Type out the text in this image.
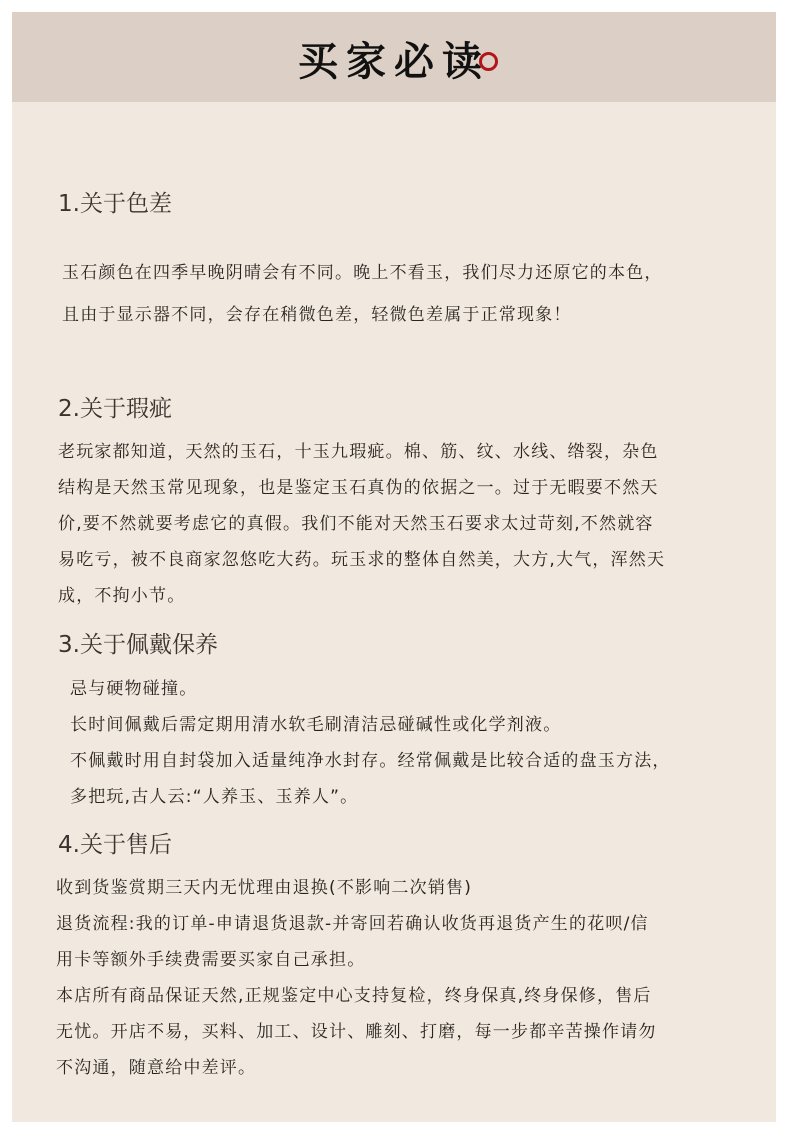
买家必读
1.关于色差
玉石颜色在四季早晚阴晴会有不同。晚上不看玉，我们尽力还原它的本色，
且由于显示器不同，会存在稍微色差，轻微色差属于正常现象！
2.关于瑕疵
老玩家都知道，天然的玉石，十玉九瑕疵。棉、筋、纹、水线、绺裂，杂色
结构是天然玉常见现象，也是鉴定玉石真伪的依据之一。过于无暇要不然天
价,要不然就要考虑它的真假。我们不能对天然玉石要求太过苛刻,不然就容
易吃亏，被不良商家忽悠吃大药。玩玉求的整体自然美，大方,大气，浑然天
成，不拘小节。
3.关于佩戴保养
忌与硬物碰撞。
长时间佩戴后需定期用清水软毛刷清洁忌碰碱性或化学剂液。
不佩戴时用自封袋加入适量纯净水封存。经常佩戴是比较合适的盘玉方法，
多把玩,古人云:“人养玉、玉养人”。
4.关于售后
收到货鉴赏期三天内无忧理由退换(不影响二次销售)
退货流程:我的订单-申请退货退款-并寄回若确认收货再退货产生的花呗/信
用卡等额外手续费需要买家自己承担。
本店所有商品保证天然,正规鉴定中心支持复检，终身保真,终身保修，售后
无忧。开店不易，买料、加工、设计、雕刻、打磨，每一步都辛苦操作请勿
不沟通，随意给中差评。
